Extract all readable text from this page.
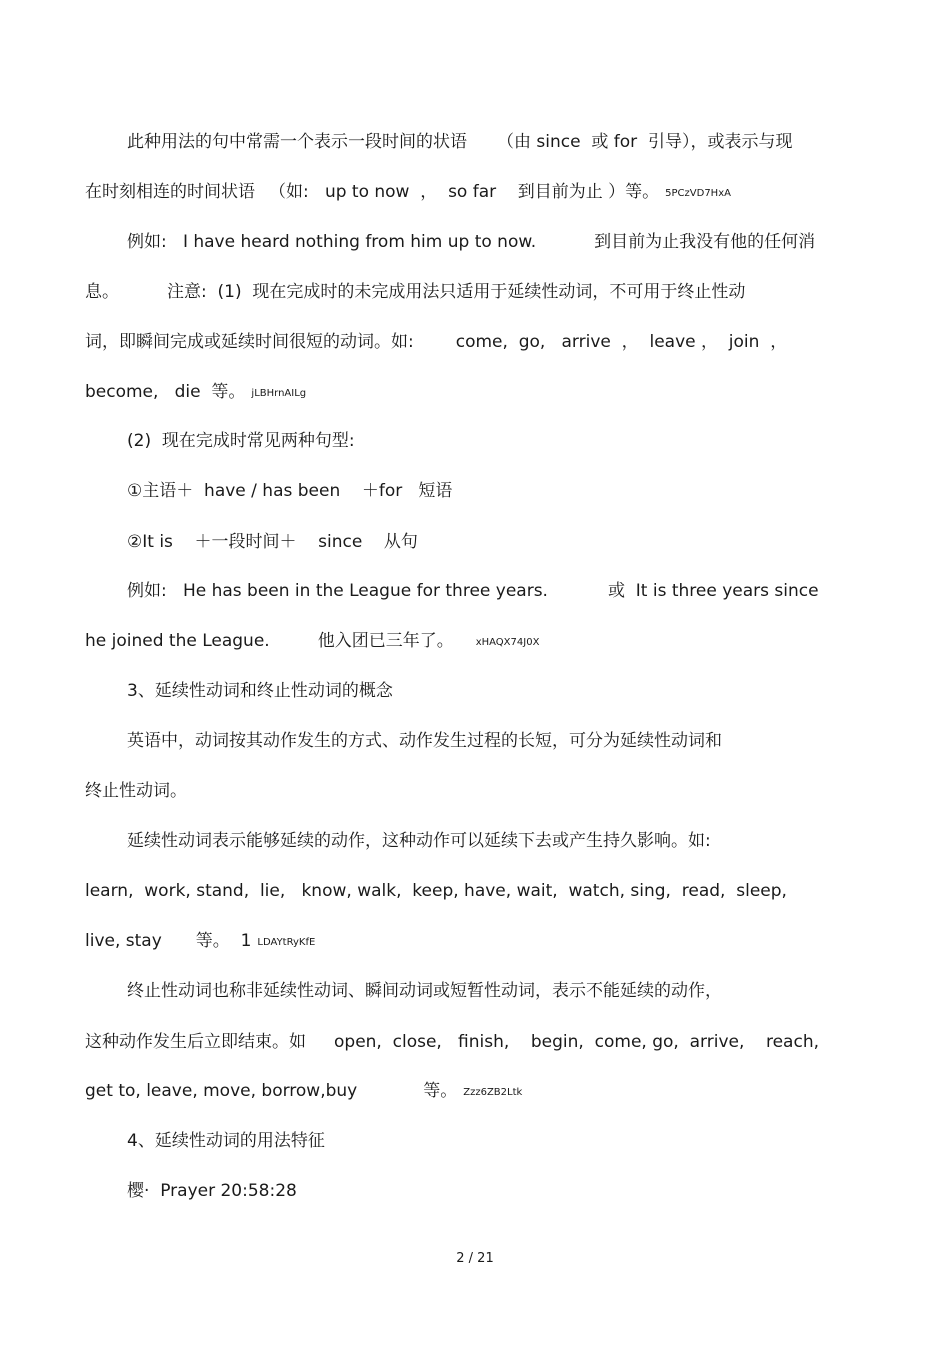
此种用法的句中常需一个表示一段时间的状语 （由 since  或 for  引导），或表示与现
在时刻相连的时间状语 （如:   up to now  ，  so far    到目前为止 ）等。 5PCzVD7HxA
例如:   I have heard nothing from him up to now.	到目前为止我没有他的任何消
息。	注意:  (1)  现在完成时的未完成用法只适用于延续性动词，不可用于终止性动
词，即瞬间完成或延续时间很短的动词。如: come,  go,   arrive  ，  leave ，  join  ，
become,   die  等。 jLBHrnAILg
(2)  现在完成时常见两种句型:
①主语＋  have / has been    ＋for   短语
②It is    ＋一段时间＋    since    从句
例如:   He has been in the League for three years.	或  It is three years since
he joined the League.	他入团已三年了。 xHAQX74J0X
3、延续性动词和终止性动词的概念
英语中，动词按其动作发生的方式、动作发生过程的长短，可分为延续性动词和
终止性动词。
延续性动词表示能够延续的动作，这种动作可以延续下去或产生持久影响。如:
learn,  work, stand,  lie,   know, walk,  keep, have, wait,  watch, sing,  read,  sleep,
live, stay 等。  1 LDAYtRyKfE
终止性动词也称非延续性动词、瞬间动词或短暂性动词，表示不能延续的动作，
这种动作发生后立即结束。如 open,  close,   finish,    begin,  come, go,  arrive,    reach,
get to, leave, move, borrow,buy	等。 Zzz6ZB2Ltk
4、延续性动词的用法特征
樱·  Prayer 20:58:28
2 / 21
